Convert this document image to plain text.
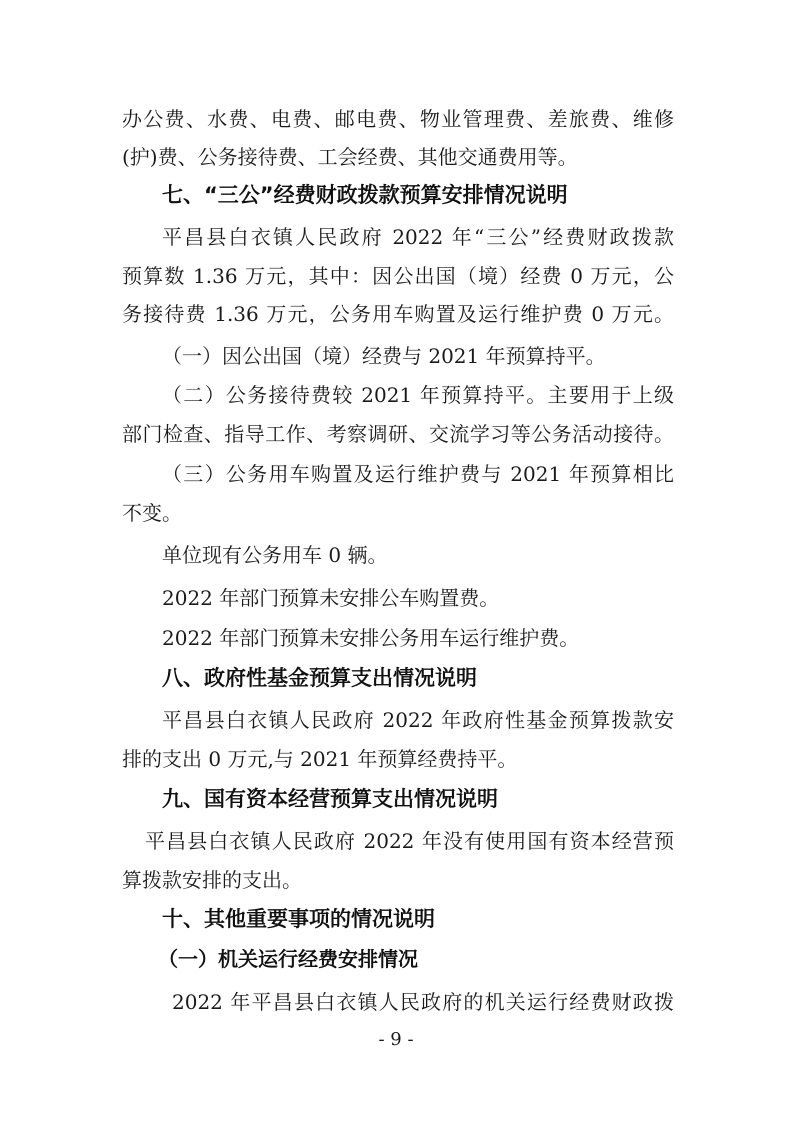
办公费、水费、电费、邮电费、物业管理费、差旅费、维修
(护)费、公务接待费、工会经费、其他交通费用等。
七、“三公”经费财政拨款预算安排情况说明
平昌县白衣镇人民政府 2022 年“三公”经费财政拨款
预算数 1.36 万元，其中：因公出国（境）经费 0 万元，公
务接待费 1.36 万元，公务用车购置及运行维护费 0 万元。
（一）因公出国（境）经费与 2021 年预算持平。
（二）公务接待费较 2021 年预算持平。主要用于上级
部门检查、指导工作、考察调研、交流学习等公务活动接待。
（三）公务用车购置及运行维护费与 2021 年预算相比
不变。
单位现有公务用车 0 辆。
2022 年部门预算未安排公车购置费。
2022 年部门预算未安排公务用车运行维护费。
八、政府性基金预算支出情况说明
平昌县白衣镇人民政府 2022 年政府性基金预算拨款安
排的支出 0 万元,与 2021 年预算经费持平。
九、国有资本经营预算支出情况说明
平昌县白衣镇人民政府 2022 年没有使用国有资本经营预
算拨款安排的支出。
十、其他重要事项的情况说明
（一）机关运行经费安排情况
2022 年平昌县白衣镇人民政府的机关运行经费财政拨
- 9 -
